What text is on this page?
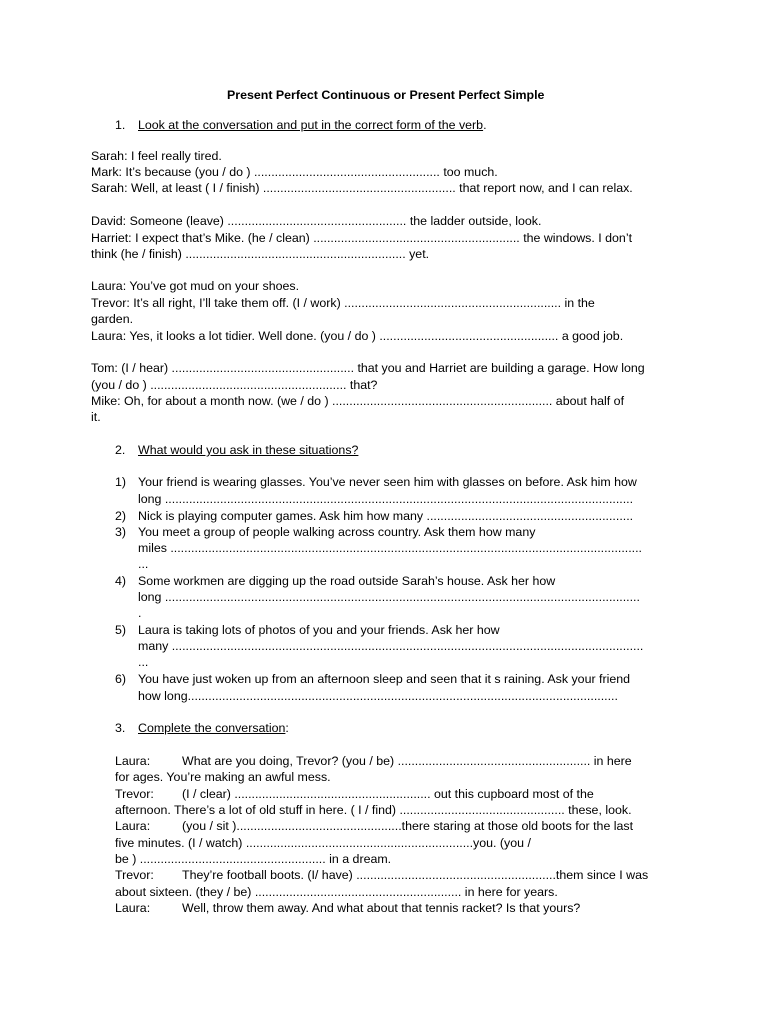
Present Perfect Continuous or Present Perfect Simple
1. Look at the conversation and put in the correct form of the verb.
Sarah: I feel really tired.
Mark: It’s because (you / do ) ...................................................... too much.
Sarah: Well, at least ( I / finish) ........................................................ that report now, and I can relax.
David: Someone (leave) .................................................... the ladder outside, look.
Harriet: I expect that’s Mike. (he / clean) ............................................................ the windows. I don’t
think (he / finish) ................................................................ yet.
Laura: You’ve got mud on your shoes.
Trevor: It’s all right, I’ll take them off. (I / work) ............................................................... in the
garden.
Laura: Yes, it looks a lot tidier. Well done. (you / do ) .................................................... a good job.
Tom: (I / hear) ..................................................... that you and Harriet are building a garage. How long
(you / do ) ......................................................... that?
Mike: Oh, for about a month now. (we / do ) ................................................................ about half of
it.
2. What would you ask in these situations?
1) Your friend is wearing glasses. You’ve never seen him with glasses on before. Ask him how
long ........................................................................................................................................
2) Nick is playing computer games. Ask him how many ............................................................
3) You meet a group of people walking across country. Ask them how many
miles .........................................................................................................................................
...
4) Some workmen are digging up the road outside Sarah’s house. Ask her how
long ..........................................................................................................................................
.
5) Laura is taking lots of photos of you and your friends. Ask her how
many .........................................................................................................................................
...
6) You have just woken up from an afternoon sleep and seen that it s raining. Ask your friend
how long.............................................................................................................................
3. Complete the conversation:
Laura:	What are you doing, Trevor? (you / be) ........................................................ in here
for ages. You’re making an awful mess.
Trevor: (I / clear) ......................................................... out this cupboard most of the
afternoon. There’s a lot of old stuff in here. ( I / find) ................................................ these, look.
Laura:	(you / sit )................................................there staring at those old boots for the last
five minutes. (I / watch) ..................................................................you. (you /
be ) ...................................................... in a dream.
Trevor: They’re football boots. (I/ have) ..........................................................them since I was
about sixteen. (they / be) ............................................................ in here for years.
Laura:	Well, throw them away. And what about that tennis racket? Is that yours?
